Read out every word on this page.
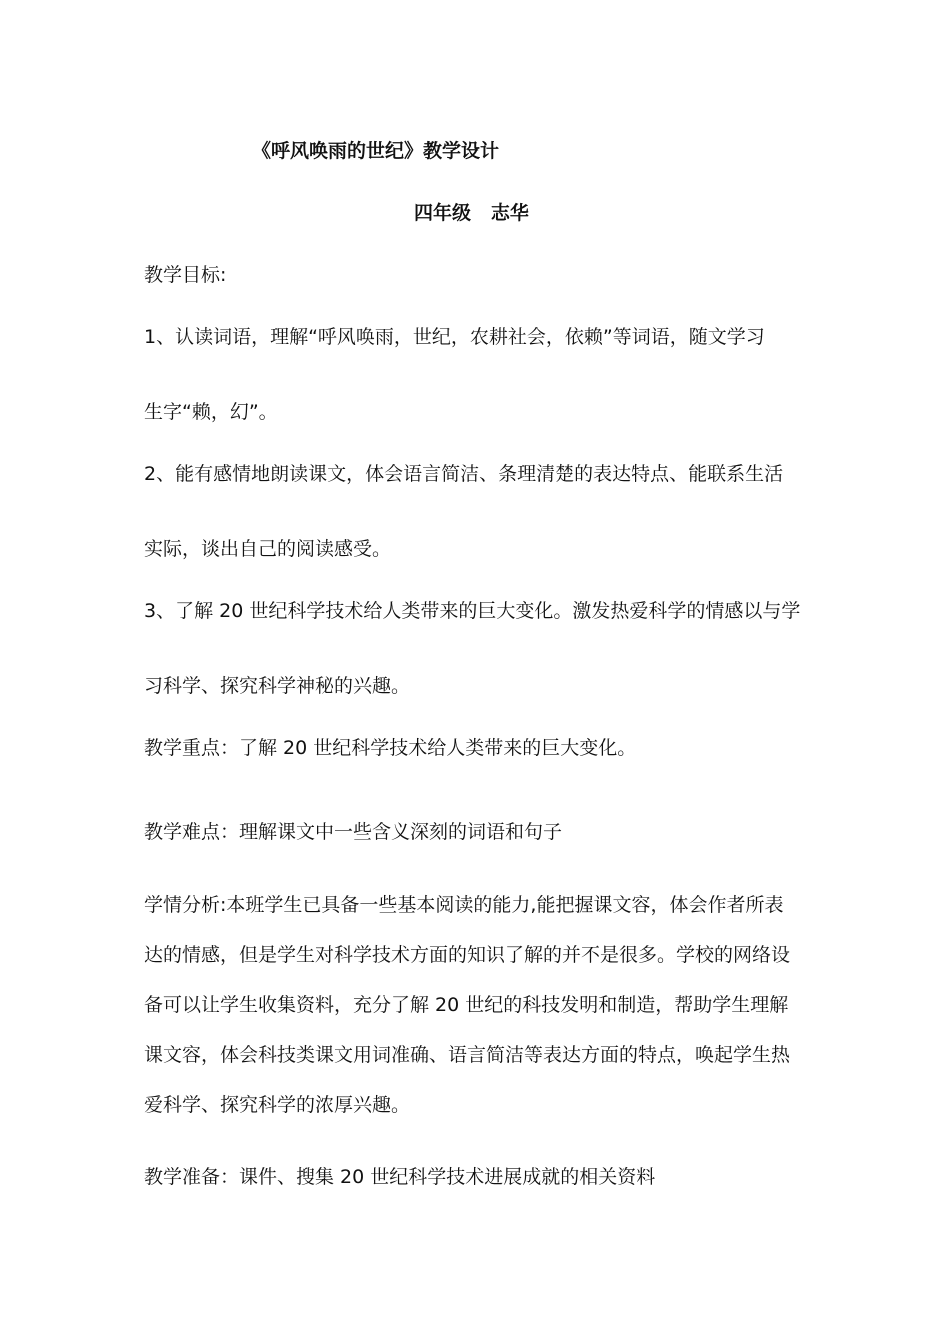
《呼风唤雨的世纪》教学设计
四年级   志华
教学目标:
1、认读词语，理解“呼风唤雨，世纪，农耕社会，依赖”等词语，随文学习
生字“赖，幻”。
2、能有感情地朗读课文，体会语言简洁、条理清楚的表达特点、能联系生活
实际，谈出自己的阅读感受。
3、了解 20 世纪科学技术给人类带来的巨大变化。激发热爱科学的情感以与学
习科学、探究科学神秘的兴趣。
教学重点：了解 20 世纪科学技术给人类带来的巨大变化。
教学难点：理解课文中一些含义深刻的词语和句子
学情分析:本班学生已具备一些基本阅读的能力,能把握课文容，体会作者所表
达的情感，但是学生对科学技术方面的知识了解的并不是很多。学校的网络设
备可以让学生收集资料，充分了解 20 世纪的科技发明和制造，帮助学生理解
课文容，体会科技类课文用词准确、语言简洁等表达方面的特点，唤起学生热
爱科学、探究科学的浓厚兴趣。
教学准备：课件、搜集 20 世纪科学技术进展成就的相关资料
